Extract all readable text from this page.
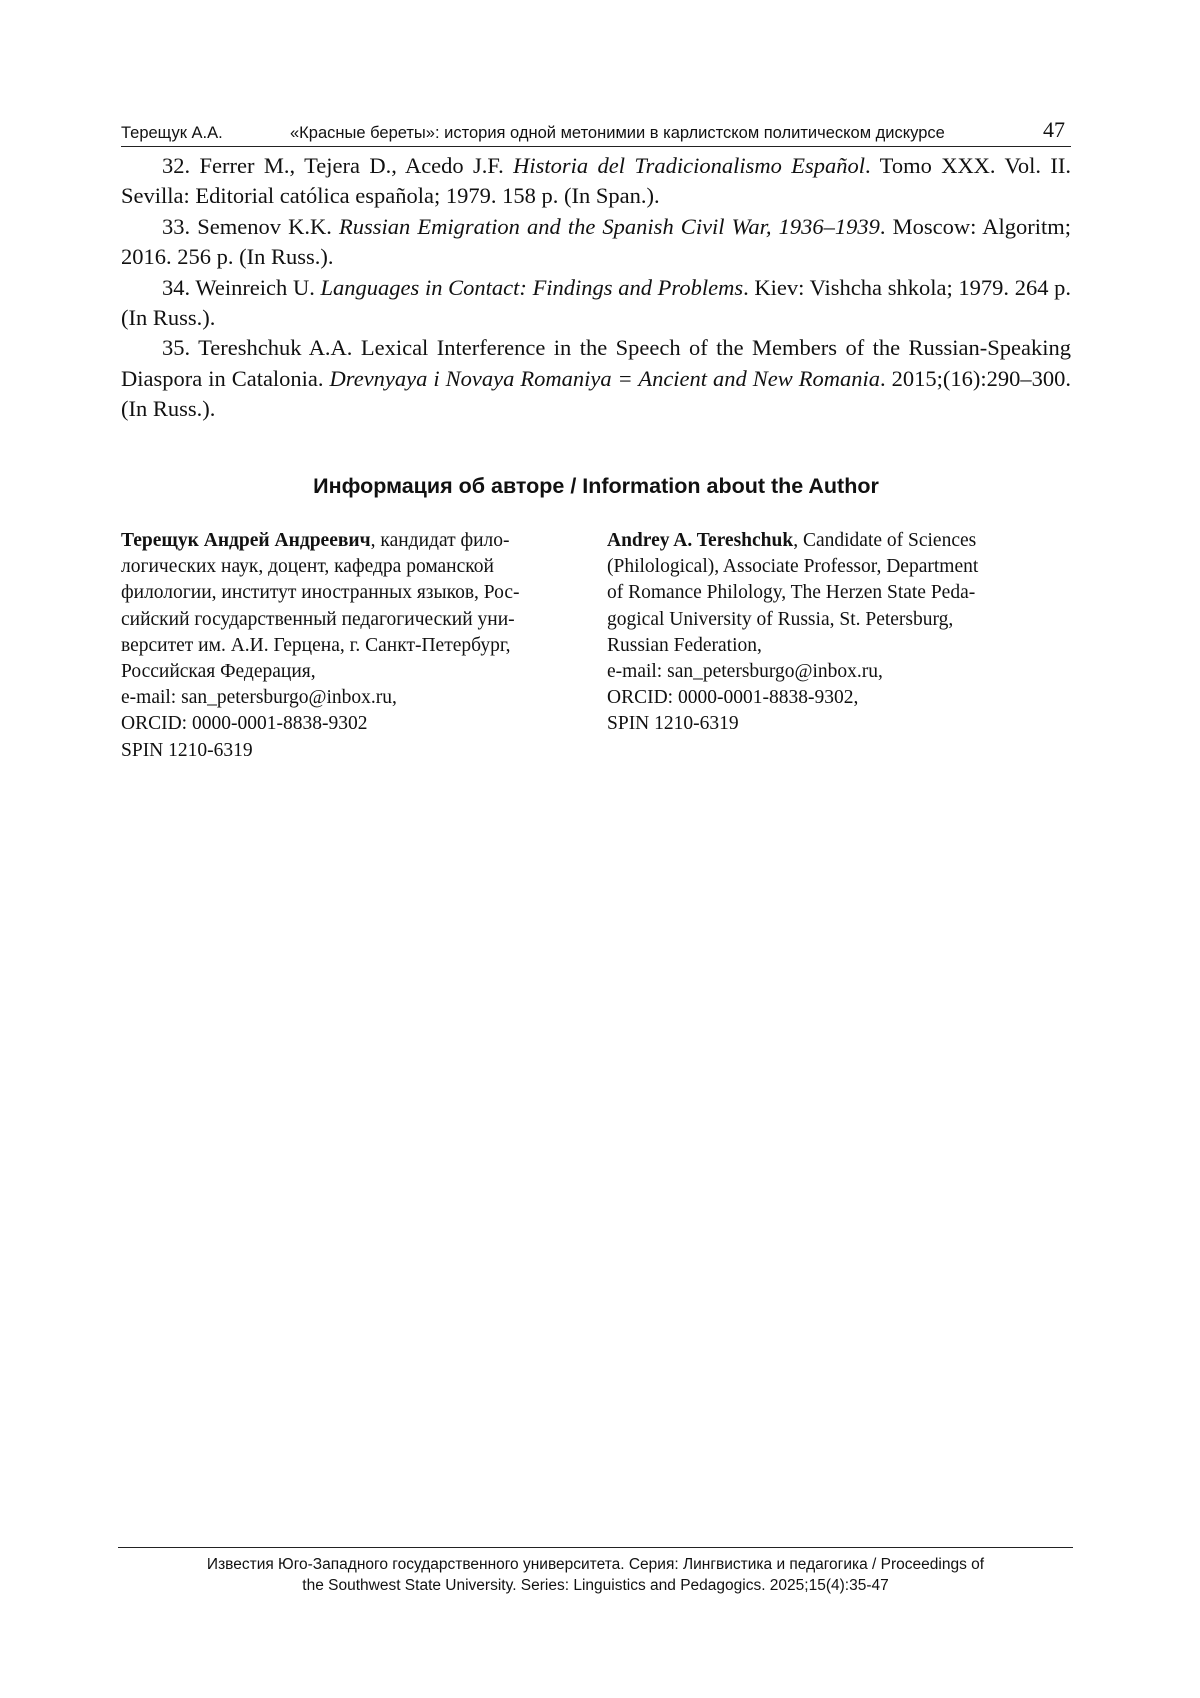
Терещук А.А.	«Красные береты»: история одной метонимии в карлистском политическом дискурсе	47

32. Ferrer M., Tejera D., Acedo J.F. Historia del Tradicionalismo Español. Tomo XXX. Vol. II. Sevilla: Editorial católica española; 1979. 158 p. (In Span.).

33. Semenov K.K. Russian Emigration and the Spanish Civil War, 1936–1939. Moscow: Algoritm; 2016. 256 p. (In Russ.).

34. Weinreich U. Languages in Contact: Findings and Problems. Kiev: Vishcha shkola; 1979. 264 p. (In Russ.).

35. Tereshchuk A.A. Lexical Interference in the Speech of the Members of the Russian-Speaking Diaspora in Catalonia. Drevnyaya i Novaya Romaniya = Ancient and New Romania. 2015;(16):290–300. (In Russ.).

Информация об авторе / Information about the Author
Терещук Андрей Андреевич, кандидат фило-
логических наук, доцент, кафедра романской
филологии, институт иностранных языков, Рос-
сийский государственный педагогический уни-
верситет им. А.И. Герцена, г. Санкт-Петербург,
Российская Федерация,
e-mail: san_petersburgo@inbox.ru,
ORCID: 0000-0001-8838-9302
SPIN 1210-6319
Andrey A. Tereshchuk, Candidate of Sciences
(Philological), Associate Professor, Department
of Romance Philology, The Herzen State Peda-
gogical University of Russia, St. Petersburg,
Russian Federation,
e-mail: san_petersburgo@inbox.ru,
ORCID: 0000-0001-8838-9302,
SPIN 1210-6319
Известия Юго-Западного государственного университета. Серия: Лингвистика и педагогика / Proceedings of
the Southwest State University. Series: Linguistics and Pedagogics. 2025;15(4):35-47
